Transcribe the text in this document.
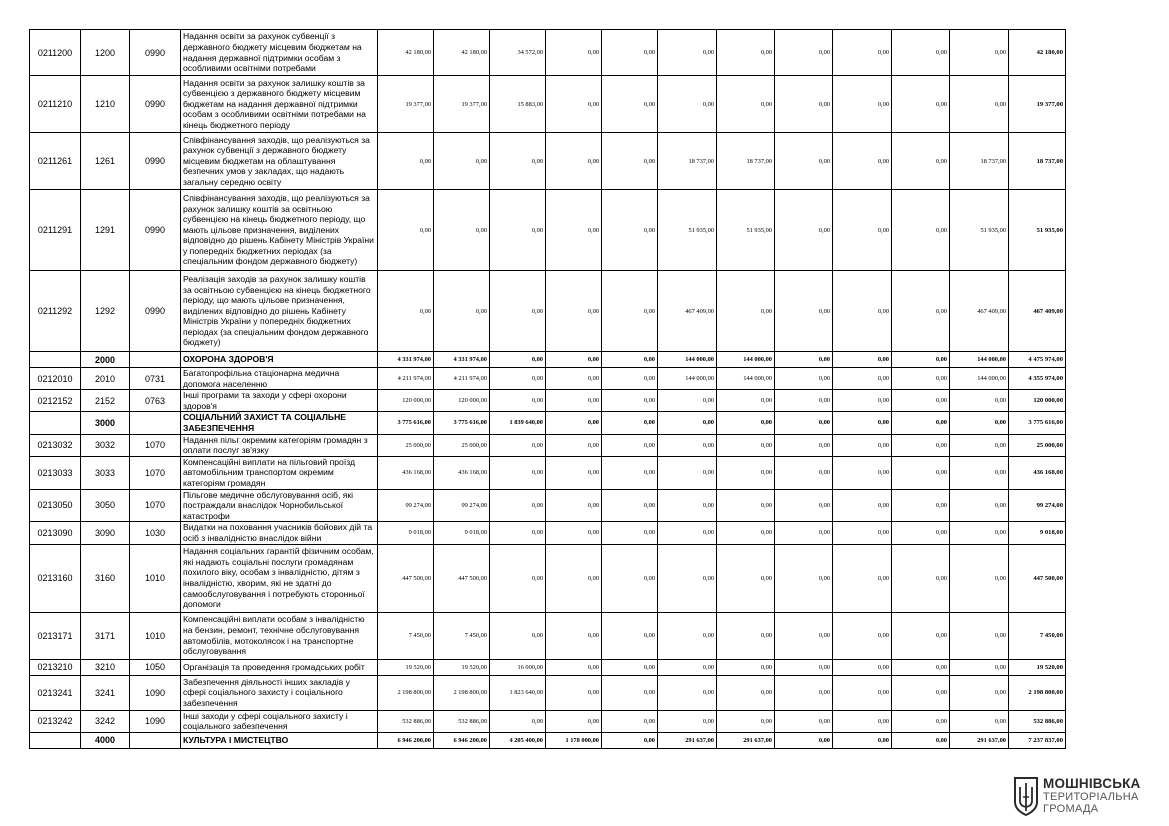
0211200	1200	0990	Надання освіти за рахунок субвенції з державного бюджету місцевим бюджетам на надання державної підтримки особам з особливими освітніми потребами	42 180,00	42 180,00	34 572,00	0,00	0,00	0,00	0,00	0,00	0,00	0,00	0,00	42 180,00
0211210	1210	0990	Надання освіти за рахунок залишку коштів за субвенцією з державного бюджету місцевим бюджетам на надання державної підтримки особам з особливими освітніми потребами на кінець бюджетного періоду	19 377,00	19 377,00	15 883,00	0,00	0,00	0,00	0,00	0,00	0,00	0,00	0,00	19 377,00
0211261	1261	0990	Співфінансування заходів, що реалізуються за рахунок субвенції з державного бюджету місцевим бюджетам на облаштування безпечних умов у закладах, що надають загальну середню освіту	0,00	0,00	0,00	0,00	0,00	18 737,00	18 737,00	0,00	0,00	0,00	18 737,00	18 737,00
0211291	1291	0990	Співфінансування заходів, що реалізуються за рахунок залишку коштів за освітньою субвенцією на кінець бюджетного періоду, що мають цільове призначення, виділених відповідно до рішень Кабінету Міністрів України у попередніх бюджетних періодах (за спеціальним фондом державного бюджету)	0,00	0,00	0,00	0,00	0,00	51 935,00	51 935,00	0,00	0,00	0,00	51 935,00	51 935,00
0211292	1292	0990	Реалізація заходів за рахунок залишку коштів за освітньою субвенцією на кінець бюджетного періоду, що мають цільове призначення, виділених відповідно до рішень Кабінету Міністрів України у попередніх бюджетних періодах (за спеціальним фондом державного бюджету)	0,00	0,00	0,00	0,00	0,00	467 409,00	0,00	0,00	0,00	0,00	467 409,00	467 409,00
	2000		ОХОРОНА ЗДОРОВ'Я	4 331 974,00	4 331 974,00	0,00	0,00	0,00	144 000,00	144 000,00	0,00	0,00	0,00	144 000,00	4 475 974,00
0212010	2010	0731	Багатопрофільна стаціонарна медична допомога населенню	4 211 974,00	4 211 974,00	0,00	0,00	0,00	144 000,00	144 000,00	0,00	0,00	0,00	144 000,00	4 355 974,00
0212152	2152	0763	Інші програми та заходи у сфері охорони здоров'я	120 000,00	120 000,00	0,00	0,00	0,00	0,00	0,00	0,00	0,00	0,00	0,00	120 000,00
	3000		СОЦІАЛЬНИЙ ЗАХИСТ ТА СОЦІАЛЬНЕ ЗАБЕЗПЕЧЕННЯ	3 775 616,00	3 775 616,00	1 839 640,00	0,00	0,00	0,00	0,00	0,00	0,00	0,00	0,00	3 775 616,00
0213032	3032	1070	Надання пільг окремим категоріям громадян з оплати послуг зв'язку	25 000,00	25 000,00	0,00	0,00	0,00	0,00	0,00	0,00	0,00	0,00	0,00	25 000,00
0213033	3033	1070	Компенсаційні виплати на пільговий проїзд автомобільним транспортом окремим категоріям громадян	436 168,00	436 168,00	0,00	0,00	0,00	0,00	0,00	0,00	0,00	0,00	0,00	436 168,00
0213050	3050	1070	Пільгове медичне обслуговування осіб, які постраждали внаслідок Чорнобильської катастрофи	99 274,00	99 274,00	0,00	0,00	0,00	0,00	0,00	0,00	0,00	0,00	0,00	99 274,00
0213090	3090	1030	Видатки на поховання учасників бойових дій та осіб з інвалідністю внаслідок війни	9 018,00	9 018,00	0,00	0,00	0,00	0,00	0,00	0,00	0,00	0,00	0,00	9 018,00
0213160	3160	1010	Надання соціальних гарантій фізичним особам, які надають соціальні послуги громадянам похилого віку, особам з інвалідністю, дітям з інвалідністю, хворим, які не здатні до самообслуговування і потребують сторонньої допомоги	447 500,00	447 500,00	0,00	0,00	0,00	0,00	0,00	0,00	0,00	0,00	0,00	447 500,00
0213171	3171	1010	Компенсаційні виплати особам з інвалідністю на бензин, ремонт, технічне обслуговування автомобілів, мотоколясок і на транспортне обслуговування	7 450,00	7 450,00	0,00	0,00	0,00	0,00	0,00	0,00	0,00	0,00	0,00	7 450,00
0213210	3210	1050	Організація та проведення громадських робіт	19 520,00	19 520,00	16 000,00	0,00	0,00	0,00	0,00	0,00	0,00	0,00	0,00	19 520,00
0213241	3241	1090	Забезпечення діяльності інших закладів у сфері соціального захисту і соціального забезпечення	2 198 800,00	2 198 800,00	1 823 640,00	0,00	0,00	0,00	0,00	0,00	0,00	0,00	0,00	2 198 800,00
0213242	3242	1090	Інші заходи у сфері соціального захисту і соціального забезпечення	532 886,00	532 886,00	0,00	0,00	0,00	0,00	0,00	0,00	0,00	0,00	0,00	532 886,00
	4000		КУЛЬТУРА І МИСТЕЦТВО	6 946 200,00	6 946 200,00	4 205 400,00	1 178 000,00	0,00	291 637,00	291 637,00	0,00	0,00	0,00	291 637,00	7 237 837,00
МОШНІВСЬКА
ТЕРИТОРІАЛЬНА
ГРОМАДА
